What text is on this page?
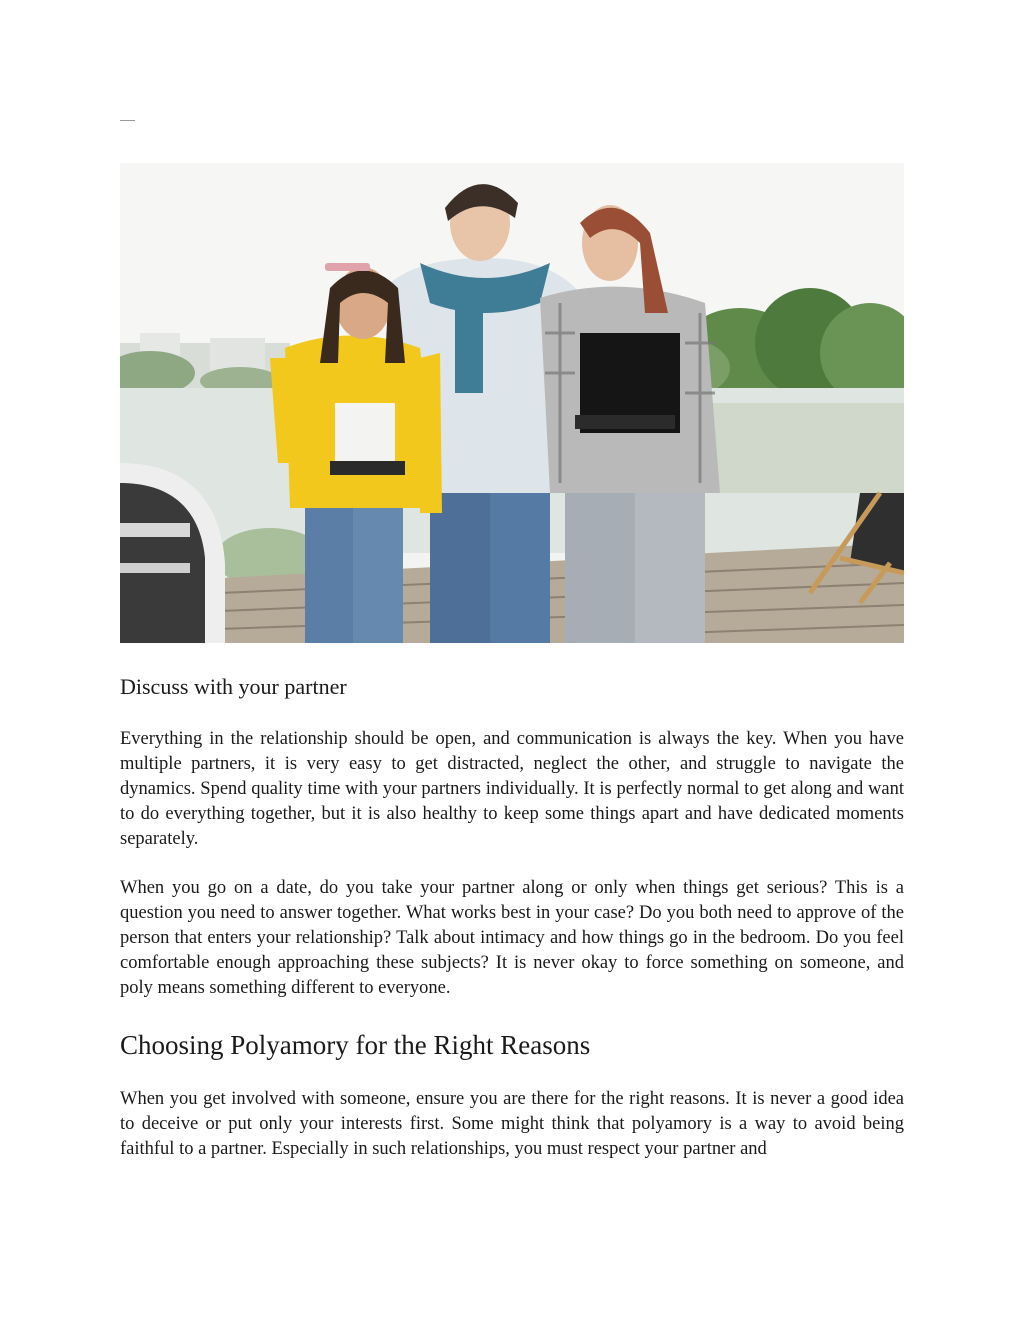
Discuss with your partner

Everything in the relationship should be open, and communication is always the key. When you have multiple partners, it is very easy to get distracted, neglect the other, and struggle to navigate the dynamics. Spend quality time with your partners individually. It is perfectly normal to get along and want to do everything together, but it is also healthy to keep some things apart and have dedicated moments separately.

When you go on a date, do you take your partner along or only when things get serious? This is a question you need to answer together. What works best in your case? Do you both need to approve of the person that enters your relationship? Talk about intimacy and how things go in the bedroom. Do you feel comfortable enough approaching these subjects? It is never okay to force something on someone, and poly means something different to everyone.

Choosing Polyamory for the Right Reasons

When you get involved with someone, ensure you are there for the right reasons. It is never a good idea to deceive or put only your interests first. Some might think that polyamory is a way to avoid being faithful to a partner. Especially in such relationships, you must respect your partner and
